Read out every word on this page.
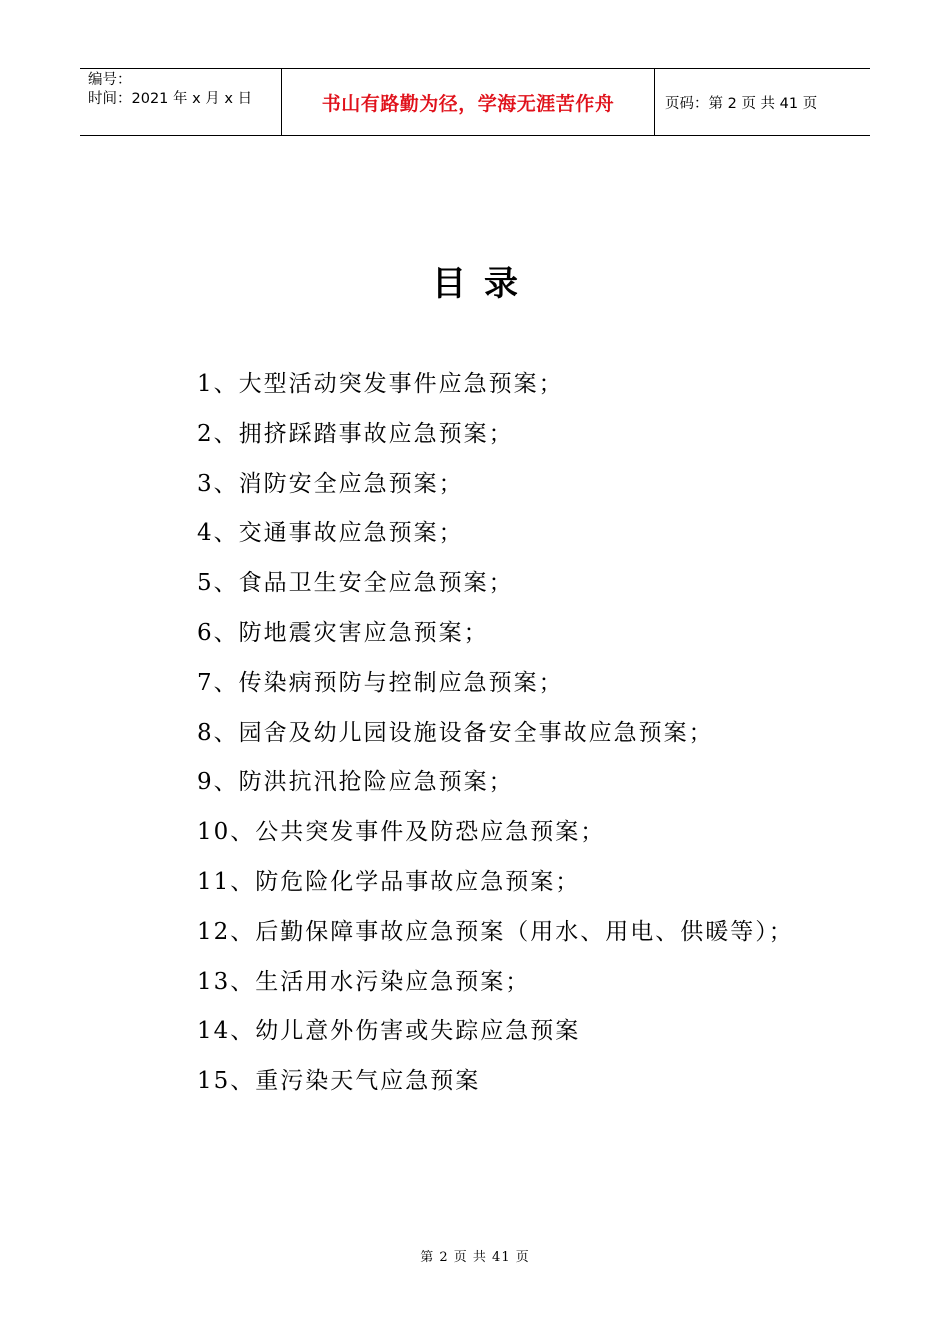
编号：
时间：2021 年 x 月 x 日	书山有路勤为径，学海无涯苦作舟	页码：第 2 页 共 41 页
目录
1、大型活动突发事件应急预案；
2、拥挤踩踏事故应急预案；
3、消防安全应急预案；
4、交通事故应急预案；
5、食品卫生安全应急预案；
6、防地震灾害应急预案；
7、传染病预防与控制应急预案；
8、园舍及幼儿园设施设备安全事故应急预案；
9、防洪抗汛抢险应急预案；
10、公共突发事件及防恐应急预案；
11、防危险化学品事故应急预案；
12、后勤保障事故应急预案（用水、用电、供暖等）；
13、生活用水污染应急预案；
14、幼儿意外伤害或失踪应急预案
15、重污染天气应急预案
第 2 页 共 41 页
